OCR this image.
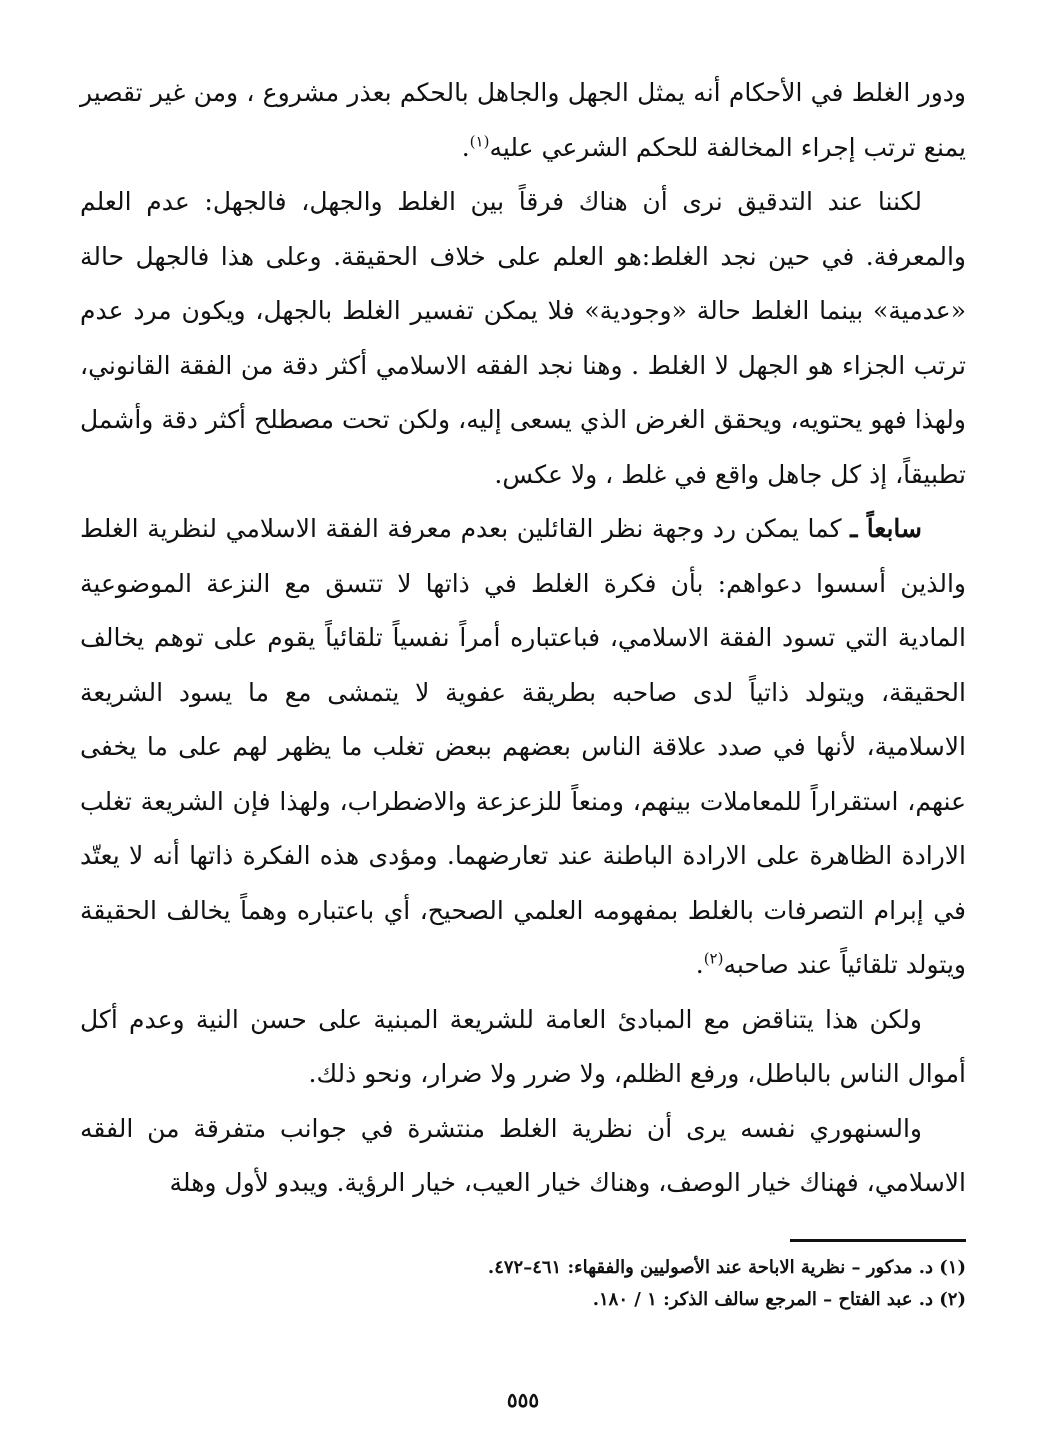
ودور الغلط في الأحكام أنه يمثل الجهل والجاهل بالحكم بعذر مشروع ، ومن غير تقصير يمنع ترتب إجراء المخالفة للحكم الشرعي عليه$^{(١)}$.

لكننا عند التدقيق نرى أن هناك فرقاً بين الغلط والجهل، فالجهل: عدم العلم والمعرفة. في حين نجد الغلط:هو العلم على خلاف الحقيقة. وعلى هذا فالجهل حالة «عدمية» بينما الغلط حالة «وجودية» فلا يمكن تفسير الغلط بالجهل، ويكون مرد عدم ترتب الجزاء هو الجهل لا الغلط . وهنا نجد الفقه الاسلامي أكثر دقة من الفقة القانوني، ولهذا فهو يحتويه، ويحقق الغرض الذي يسعى إليه، ولكن تحت مصطلح أكثر دقة وأشمل تطبيقاً، إذ كل جاهل واقع في غلط ، ولا عكس.

سابعاً ـ كما يمكن رد وجهة نظر القائلين بعدم معرفة الفقة الاسلامي لنظرية الغلط والذين أسسوا دعواهم: بأن فكرة الغلط في ذاتها لا تتسق مع النزعة الموضوعية المادية التي تسود الفقة الاسلامي، فباعتباره أمراً نفسياً تلقائياً يقوم على توهم يخالف الحقيقة، ويتولد ذاتياً لدى صاحبه بطريقة عفوية لا يتمشى مع ما يسود الشريعة الاسلامية، لأنها في صدد علاقة الناس بعضهم ببعض تغلب ما يظهر لهم على ما يخفى عنهم، استقراراً للمعاملات بينهم، ومنعاً للزعزعة والاضطراب، ولهذا فإن الشريعة تغلب الارادة الظاهرة على الارادة الباطنة عند تعارضهما. ومؤدى هذه الفكرة ذاتها أنه لا يعتّد في إبرام التصرفات بالغلط بمفهومه العلمي الصحيح، أي باعتباره وهماً يخالف الحقيقة ويتولد تلقائياً عند صاحبه$^{(٢)}$.

ولكن هذا يتناقض مع المبادئ العامة للشريعة المبنية على حسن النية وعدم أكل أموال الناس بالباطل، ورفع الظلم، ولا ضرر ولا ضرار، ونحو ذلك.

والسنهوري نفسه يرى أن نظرية الغلط منتشرة في جوانب متفرقة من الفقه الاسلامي، فهناك خيار الوصف، وهناك خيار العيب، خيار الرؤية. ويبدو لأول وهلة

(١) د. مدكور – نظرية الاباحة عند الأصوليين والفقهاء: ٤٦١–٤٧٢.

(٢) د. عبد الفتاح – المرجع سالف الذكر: ١ / ١٨٠.

٥٥٥
